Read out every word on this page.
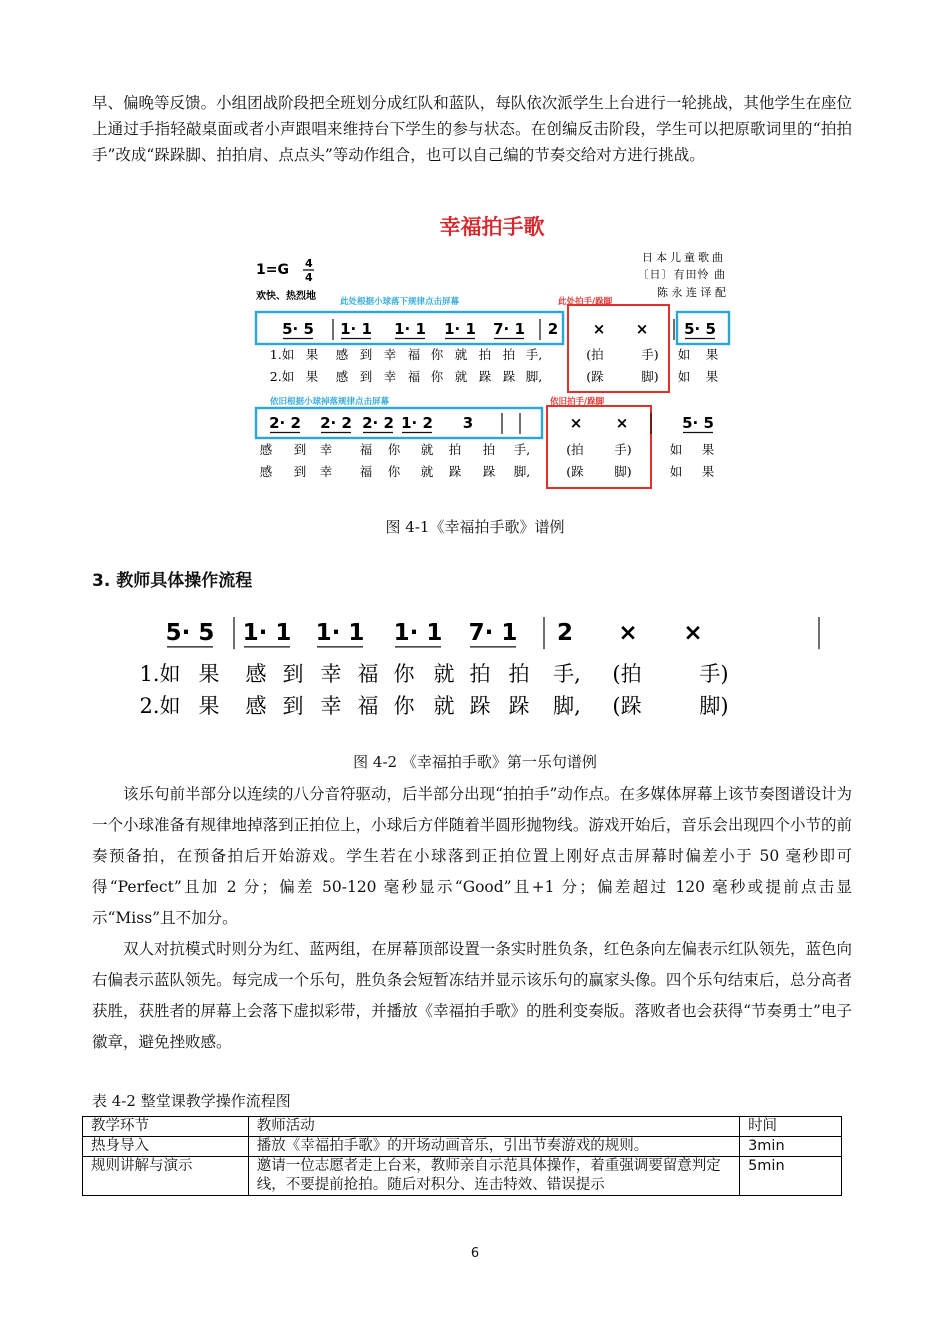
早、偏晚等反馈。小组团战阶段把全班划分成红队和蓝队，每队依次派学生上台进行一轮挑战，其他学生在座位上通过手指轻敲桌面或者小声跟唱来维持台下学生的参与状态。在创编反击阶段，学生可以把原歌词里的“拍拍手”改成“跺跺脚、拍拍肩、点点头”等动作组合，也可以自己编的节奏交给对方进行挑战。

幸福拍手歌
1=G 4
4
欢快、热烈地
日本儿童歌曲
〔日〕有田怜 曲
陈 永 连 译 配
此处根据小球落下规律点击屏幕	此处拍手/跺脚
5· 5 1· 1 1· 1 1· 1 7· 1 2 × × 5· 5
1.如 果 感 到 幸 福 你 就 拍 拍 手,	(拍	手) 如 果
2.如 果 感 到 幸 福 你 就 跺 跺 脚,	(跺	脚) 如 果
依旧根据小球掉落规律点击屏幕	依旧拍手/跺脚
2· 2 2· 2 2· 2 1· 2 3	× ×	5· 5
感 到 幸 福 你 就 拍 拍 手,	(拍 手)	如 果
感 到 幸 福 你 就 跺 跺 脚,	(跺 脚)	如 果
图 4-1《幸福拍手歌》谱例
3. 教师具体操作流程
5· 5 1· 1 1· 1 1· 1 7· 1 2 × ×
1.如 果 感 到 幸 福 你 就 拍 拍 手, (拍	手)
2.如 果 感 到 幸 福 你 就 跺 跺 脚, (跺	脚)
图 4-2 《幸福拍手歌》第一乐句谱例

该乐句前半部分以连续的八分音符驱动，后半部分出现“拍拍手”动作点。在多媒体屏幕上该节奏图谱设计为一个小球准备有规律地掉落到正拍位上，小球后方伴随着半圆形抛物线。游戏开始后，音乐会出现四个小节的前奏预备拍，在预备拍后开始游戏。学生若在小球落到正拍位置上刚好点击屏幕时偏差小于 50 毫秒即可得“Perfect”且加 2 分；偏差 50-120 毫秒显示“Good”且+1 分；偏差超过 120 毫秒或提前点击显示“Miss”且不加分。

双人对抗模式时则分为红、蓝两组，在屏幕顶部设置一条实时胜负条，红色条向左偏表示红队领先，蓝色向右偏表示蓝队领先。每完成一个乐句，胜负条会短暂冻结并显示该乐句的赢家头像。四个乐句结束后，总分高者获胜，获胜者的屏幕上会落下虚拟彩带，并播放《幸福拍手歌》的胜利变奏版。落败者也会获得“节奏勇士”电子徽章，避免挫败感。

表 4-2 整堂课教学操作流程图
教学环节	教师活动	时间
热身导入	播放《幸福拍手歌》的开场动画音乐，引出节奏游戏的规则。	3min
规则讲解与演示	邀请一位志愿者走上台来，教师亲自示范具体操作，着重强调要留意判定线，不要提前抢拍。随后对积分、连击特效、错误提示	5min
6
